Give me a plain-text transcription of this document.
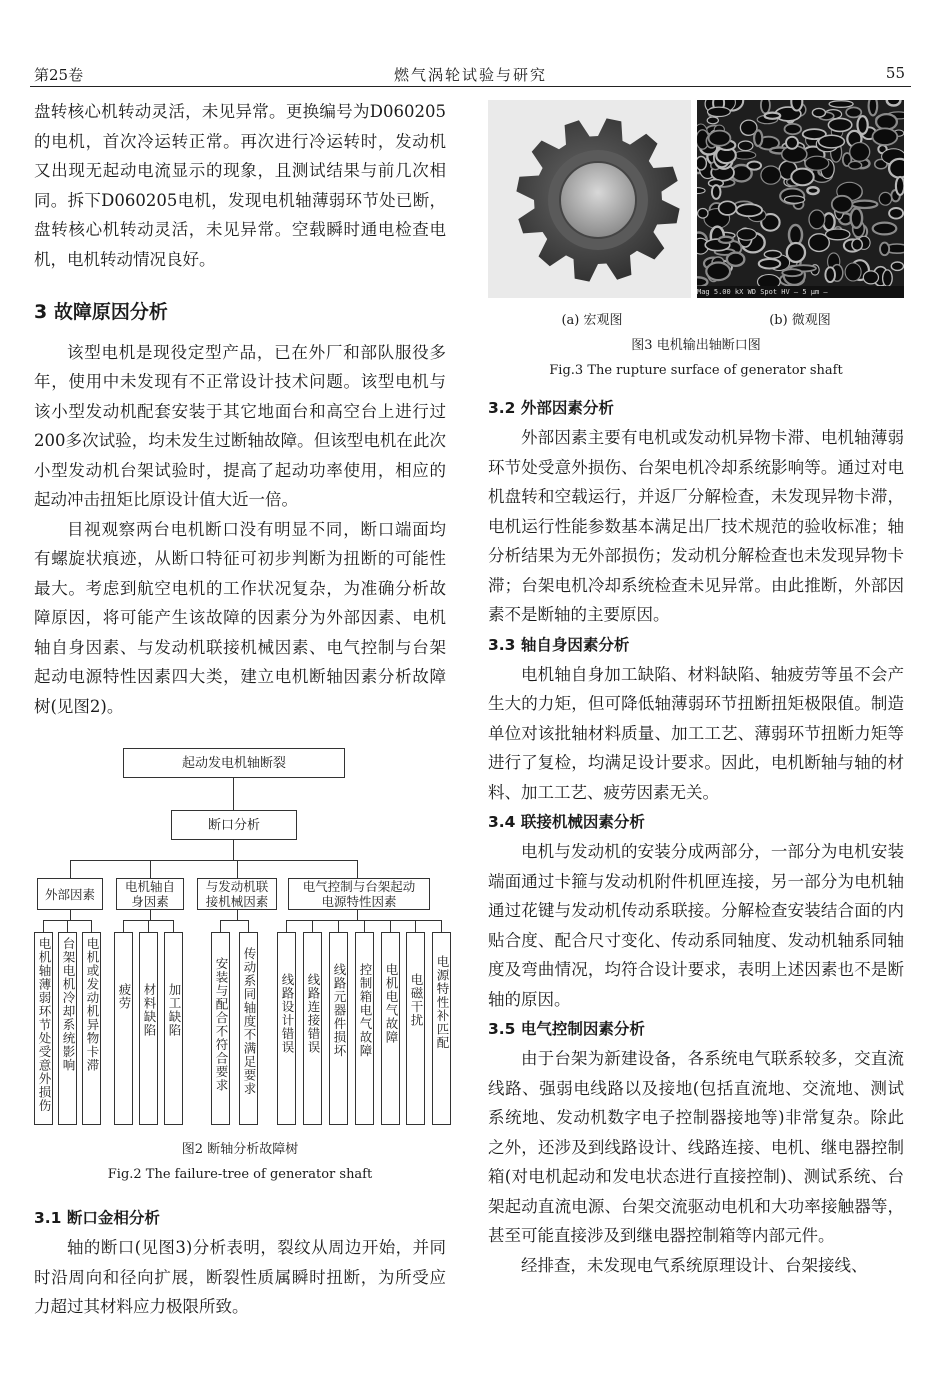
第25卷	燃气涡轮试验与研究	55

盘转核心机转动灵活，未见异常。更换编号为D060205的电机，首次冷运转正常。再次进行冷运转时，发动机又出现无起动电流显示的现象，且测试结果与前几次相同。拆下D060205电机，发现电机轴薄弱环节处已断，盘转核心机转动灵活，未见异常。空载瞬时通电检查电机，电机转动情况良好。

3 故障原因分析

该型电机是现役定型产品，已在外厂和部队服役多年，使用中未发现有不正常设计技术问题。该型电机与该小型发动机配套安装于其它地面台和高空台上进行过200多次试验，均未发生过断轴故障。但该型电机在此次小型发动机台架试验时，提高了起动功率使用，相应的起动冲击扭矩比原设计值大近一倍。

目视观察两台电机断口没有明显不同，断口端面均有螺旋状痕迹，从断口特征可初步判断为扭断的可能性最大。考虑到航空电机的工作状况复杂，为准确分析故障原因，将可能产生该故障的因素分为外部因素、电机轴自身因素、与发动机联接机械因素、电气控制与台架起动电源特性因素四大类，建立电机断轴因素分析故障树(见图2)。

起动发电机轴断裂
断口分析
外部因素	电机轴自身因素
与发动机联接机械因素
电气控制与台架起动电源特性因素
电机轴薄弱环节处受意外损伤 台架电机冷却系统影响 电机或发动机异物卡滞 疲劳 材料缺陷 加工缺陷	安装与配合不符合要求 传动系同轴度不满足要求 线路设计错误 线路连接错误 线路元器件损坏 控制箱电气故障 电机电气故障 电磁干扰 电源特性补匹配
图2 断轴分析故障树
Fig.2 The failure-tree of generator shaft

3.1 断口金相分析

轴的断口(见图3)分析表明，裂纹从周边开始，并同时沿周向和径向扩展，断裂性质属瞬时扭断，为所受应力超过其材料应力极限所致。

Mag 5.00 kX WD Spot HV — 5 µm —
(a) 宏观图	(b) 微观图
图3 电机输出轴断口图
Fig.3 The rupture surface of generator shaft

3.2 外部因素分析

外部因素主要有电机或发动机异物卡滞、电机轴薄弱环节处受意外损伤、台架电机冷却系统影响等。通过对电机盘转和空载运行，并返厂分解检查，未发现异物卡滞，电机运行性能参数基本满足出厂技术规范的验收标准；轴分析结果为无外部损伤；发动机分解检查也未发现异物卡滞；台架电机冷却系统检查未见异常。由此推断，外部因素不是断轴的主要原因。

3.3 轴自身因素分析

电机轴自身加工缺陷、材料缺陷、轴疲劳等虽不会产生大的力矩，但可降低轴薄弱环节扭断扭矩极限值。制造单位对该批轴材料质量、加工工艺、薄弱环节扭断力矩等进行了复检，均满足设计要求。因此，电机断轴与轴的材料、加工工艺、疲劳因素无关。

3.4 联接机械因素分析

电机与发动机的安装分成两部分，一部分为电机安装端面通过卡箍与发动机附件机匣连接，另一部分为电机轴通过花键与发动机传动系联接。分解检查安装结合面的内贴合度、配合尺寸变化、传动系同轴度、发动机轴系同轴度及弯曲情况，均符合设计要求，表明上述因素也不是断轴的原因。

3.5 电气控制因素分析

由于台架为新建设备，各系统电气联系较多，交直流线路、强弱电线路以及接地(包括直流地、交流地、测试系统地、发动机数字电子控制器接地等)非常复杂。除此之外，还涉及到线路设计、线路连接、电机、继电器控制箱(对电机起动和发电状态进行直接控制)、测试系统、台架起动直流电源、台架交流驱动电机和大功率接触器等，甚至可能直接涉及到继电器控制箱等内部元件。

经排查，未发现电气系统原理设计、台架接线、
